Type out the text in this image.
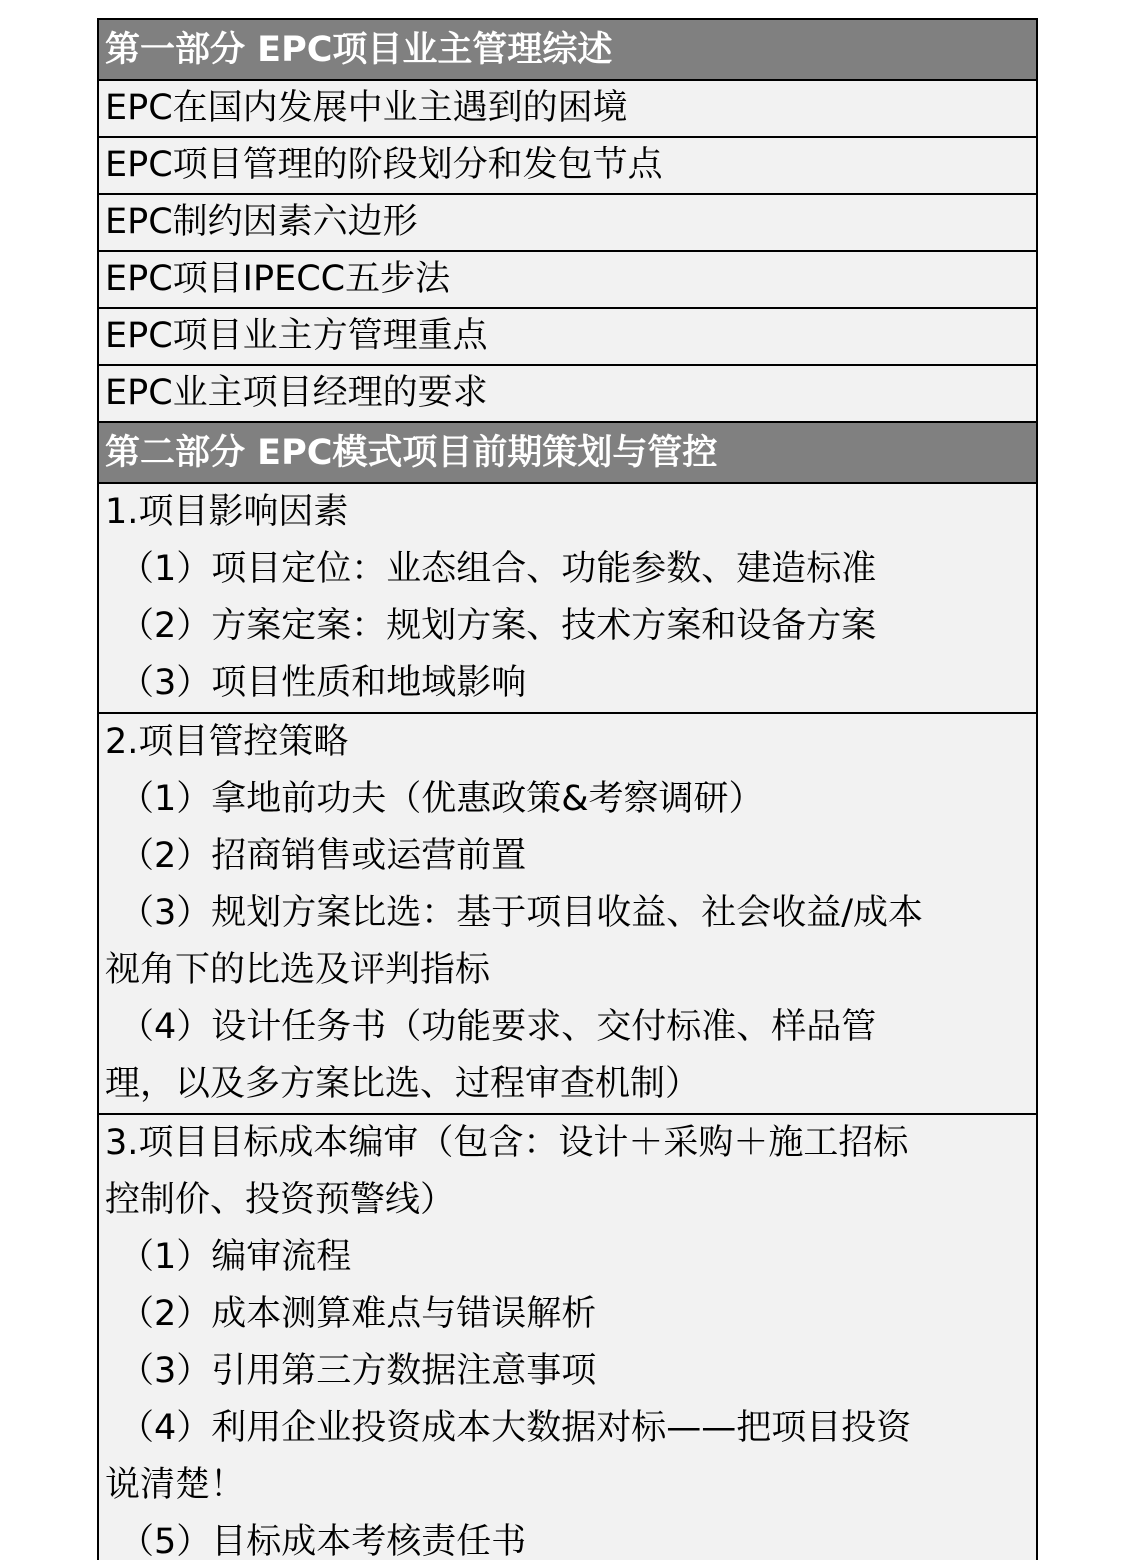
第一部分 EPC项目业主管理综述
EPC在国内发展中业主遇到的困境
EPC项目管理的阶段划分和发包节点
EPC制约因素六边形
EPC项目IPECC五步法
EPC项目业主方管理重点
EPC业主项目经理的要求
第二部分 EPC模式项目前期策划与管控
1.项目影响因素
（1）项目定位：业态组合、功能参数、建造标准
（2）方案定案：规划方案、技术方案和设备方案
（3）项目性质和地域影响
2.项目管控策略
（1）拿地前功夫（优惠政策&考察调研）
（2）招商销售或运营前置
（3）规划方案比选：基于项目收益、社会收益/成本
视角下的比选及评判指标
（4）设计任务书（功能要求、交付标准、样品管
理，以及多方案比选、过程审查机制）
3.项目目标成本编审（包含：设计＋采购＋施工招标
控制价、投资预警线）
（1）编审流程
（2）成本测算难点与错误解析
（3）引用第三方数据注意事项
（4）利用企业投资成本大数据对标——把项目投资
说清楚！
（5）目标成本考核责任书
